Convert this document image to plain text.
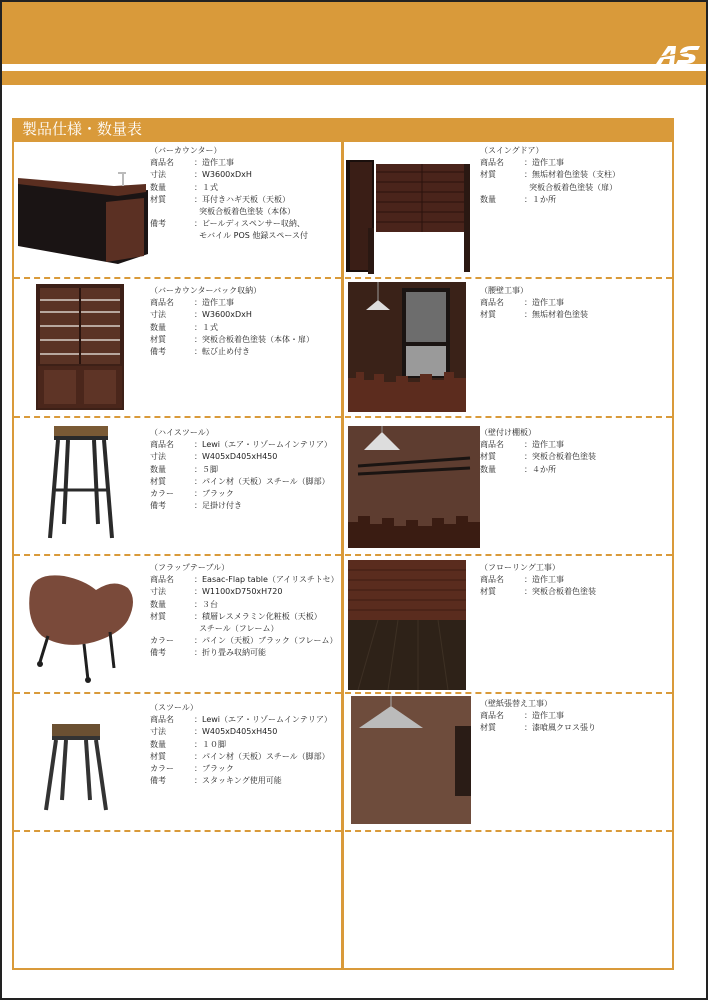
製品仕様・数量表
（バーカウンター）
商品名	：造作工事
寸法	：W3600xDxH
数量	：１式
材質	：耳付きハギ天板（天板）
突板合板着色塗装（本体）
備考	：ビールディスペンサー収納、
モバイル POS 他録スペース付
（スイングドア）
商品名	：造作工事
材質	：無垢材着色塗装（支柱）
突板合板着色塗装（扉）
数量	：１か所
（バーカウンターバック収納）
商品名	：造作工事
寸法	：W3600xDxH
数量	：１式
材質	：突板合板着色塗装（本体・扉）
備考	：転び止め付き
（腰壁工事）
商品名	：造作工事
材質	：無垢材着色塗装
（ハイスツール）
商品名	：Lewi（エア・リゾームインテリア）
寸法	：W405xD405xH450
数量	：５脚
材質	：パイン材（天板）スチール（脚部）
カラー	：ブラック
備考	：足掛け付き
（壁付け棚板）
商品名	：造作工事
材質	：突板合板着色塗装
数量	：４か所
（フラップテーブル）
商品名	：Easac-Flap table（アイリスチトセ）
寸法	：W1100xD750xH720
数量	：３台
材質	：積層レスメラミン化粧板（天板）
スチール（フレーム）
カラー	：パイン（天板）ブラック（フレーム）
備考	：折り畳み収納可能
（フローリング工事）
商品名	：造作工事
材質	：突板合板着色塗装
（スツール）
商品名	：Lewi（エア・リゾームインテリア）
寸法	：W405xD405xH450
数量	：１０脚
材質	：パイン材（天板）スチール（脚部）
カラー	：ブラック
備考	：スタッキング使用可能
（壁紙張替え工事）
商品名	：造作工事
材質	：漆喰風クロス張り
